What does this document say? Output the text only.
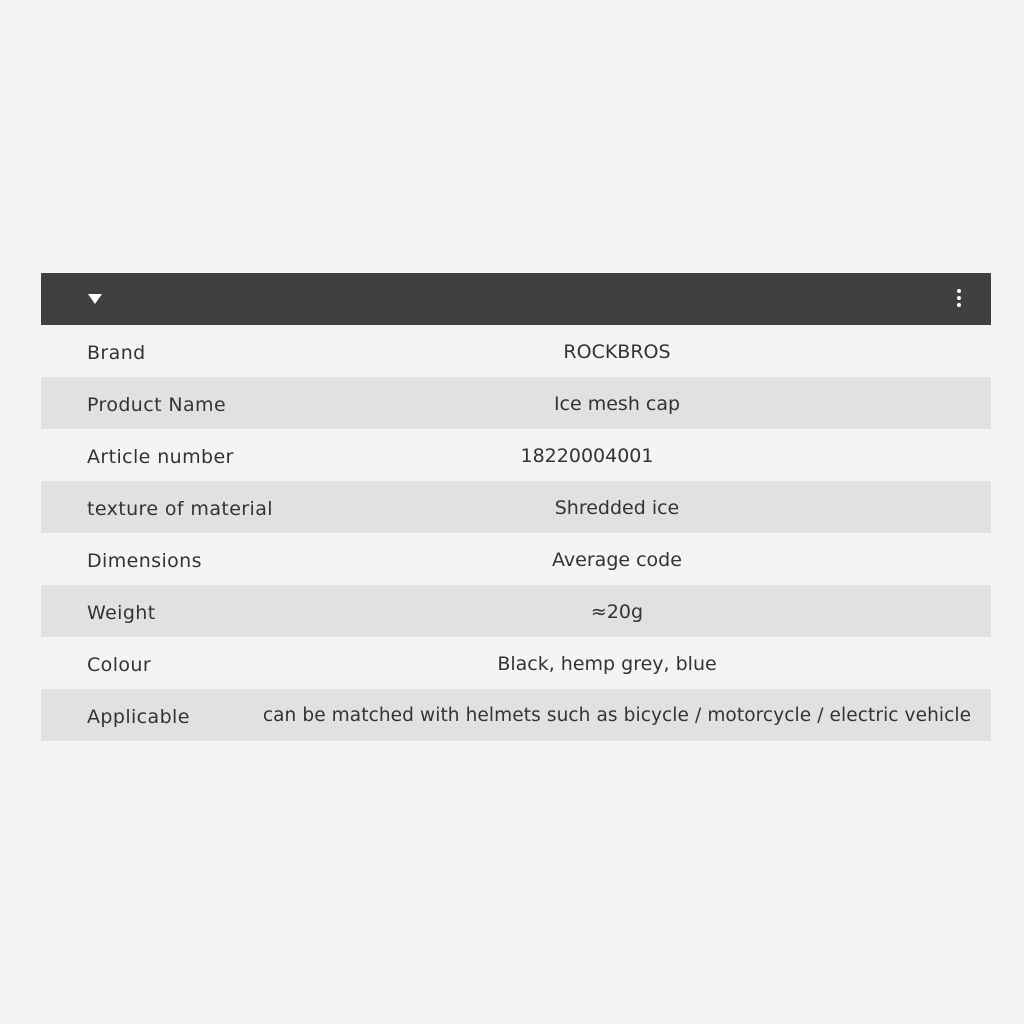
Brand	ROCKBROS
Product Name	Ice mesh cap
Article number	18220004001
texture of material	Shredded ice
Dimensions	Average code
Weight	≈20g
Colour	Black, hemp grey, blue
Applicable	can be matched with helmets such as bicycle / motorcycle / electric vehicle
